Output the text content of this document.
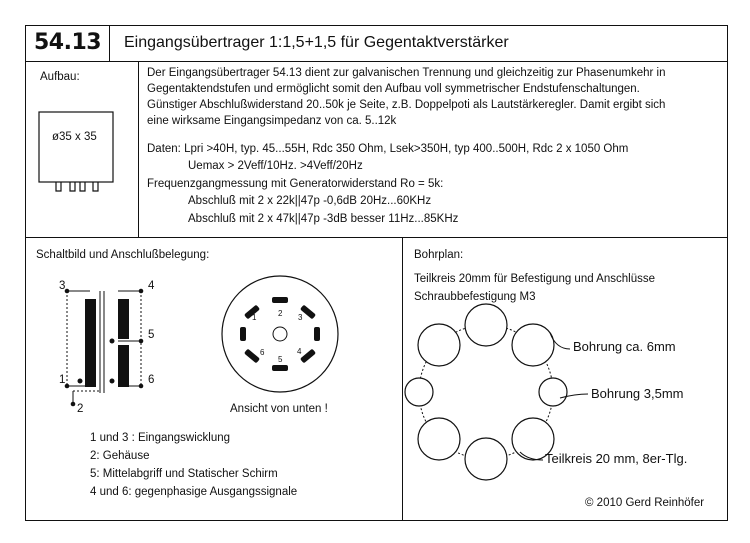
54.13 Eingangsübertrager 1:1,5+1,5 für Gegentaktverstärker
Aufbau:
ø35 x 35
Der Eingangsübertrager 54.13 dient zur galvanischen Trennung und gleichzeitig zur Phasenumkehr in
Gegentaktendstufen und ermöglicht somit den Aufbau voll symmetrischer Endstufenschaltungen.
Günstiger Abschlußwiderstand 20..50k je Seite, z.B. Doppelpoti als Lautstärkeregler. Damit ergibt sich
eine wirksame Eingangsimpedanz von ca. 5..12k
Daten: Lpri >40H, typ. 45...55H, Rdc 350 Ohm, Lsek>350H, typ 400..500H, Rdc 2 x 1050 Ohm
Uemax > 2Veff/10Hz. >4Veff/20Hz
Frequenzgangmessung mit Generatorwiderstand Ro = 5k:
Abschluß mit 2 x 22k||47p -0,6dB 20Hz...60KHz
Abschluß mit 2 x 47k||47p -3dB besser 11Hz...85KHz
Schaltbild und Anschlußbelegung:
3	4
5
1	6
2
1	2 3
6
5
4
Ansicht von unten !
1 und 3 : Eingangswicklung
2: Gehäuse
5: Mittelabgriff und Statischer Schirm
4 und 6: gegenphasige Ausgangssignale
Bohrplan:
Teilkreis 20mm für Befestigung und Anschlüsse
Schraubbefestigung M3
Bohrung ca. 6mm
Bohrung 3,5mm
Teilkreis 20 mm, 8er-Tlg.
© 2010 Gerd Reinhöfer
